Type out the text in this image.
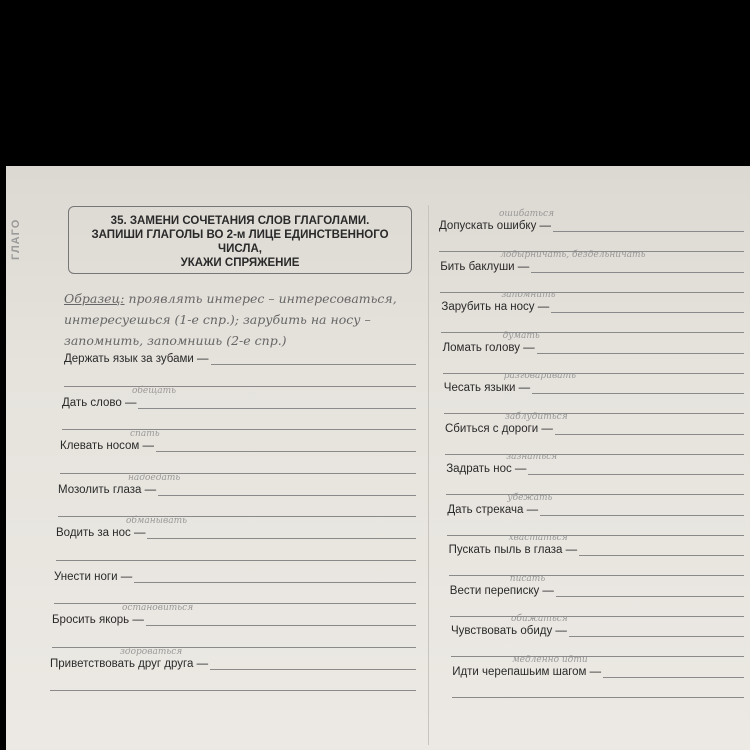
ГЛАГО	35. ЗАМЕНИ СОЧЕТАНИЯ СЛОВ ГЛАГОЛАМИ.
ЗАПИШИ ГЛАГОЛЫ ВО 2-м ЛИЦЕ ЕДИНСТВЕННОГО ЧИСЛА,
УКАЖИ СПРЯЖЕНИЕ
Образец: проявлять интерес – интересоваться, интересуешься (1-е спр.); зарубить на носу – запомнить, запомнишь (2-е спр.)
Держать язык за зубами —
обещать
Дать слово —
спать
Клевать носом —
надоедать
Мозолить глаза —
обманывать
Водить за нос —
Унести ноги —
остановиться
Бросить якорь —
здороваться
Приветствовать друг друга —
ошибаться
Допускать ошибку —
лодырничать, бездельничать
Бить баклуши —
запомнить
Зарубить на носу —
думать
Ломать голову —
разговаривать
Чесать языки —
заблудиться
Сбиться с дороги —
зазнаться
Задрать нос —
убежать
Дать стрекача —
хвастаться
Пускать пыль в глаза —
писать
Вести переписку —
обижаться
Чувствовать обиду —
медленно идти
Идти черепашьим шагом —
